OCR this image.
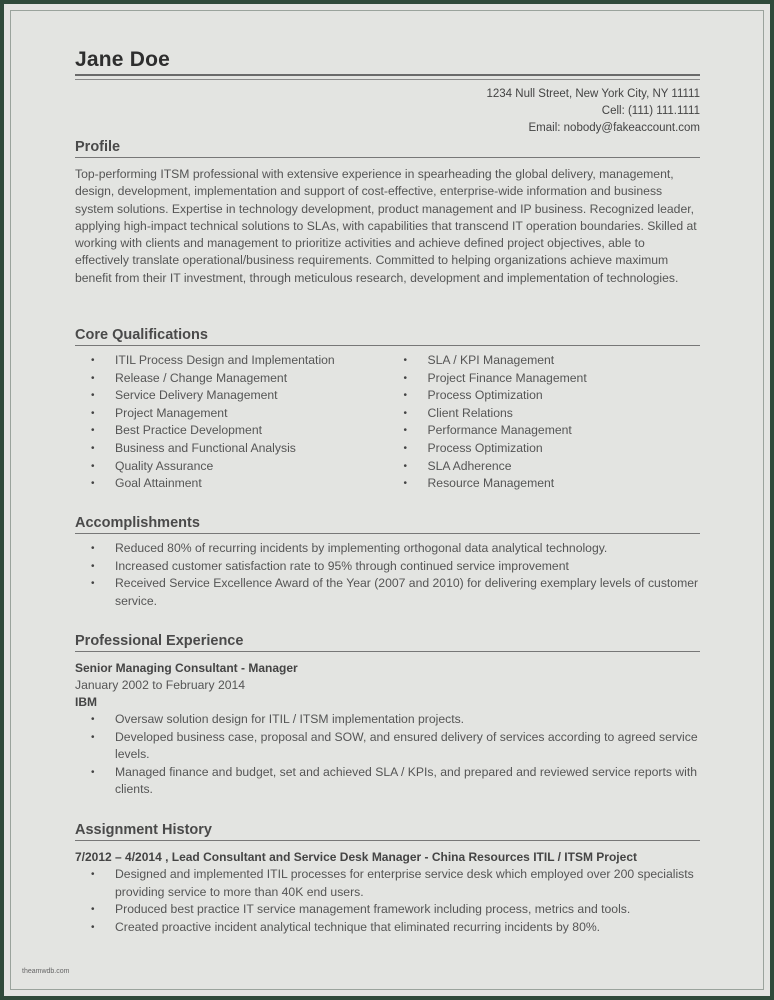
Jane Doe
1234 Null Street, New York City, NY 11111
Cell: (111) 111.1111
Email: nobody@fakeaccount.com
Profile

Top-performing ITSM professional with extensive experience in spearheading the global delivery, management, design, development, implementation and support of cost-effective, enterprise-wide information and business system solutions. Expertise in technology development, product management and IP business. Recognized leader, applying high-impact technical solutions to SLAs, with capabilities that transcend IT operation boundaries. Skilled at working with clients and management to prioritize activities and achieve defined project objectives, able to effectively translate operational/business requirements. Committed to helping organizations achieve maximum benefit from their IT investment, through meticulous research, development and implementation of technologies.

Core Qualifications
• ITIL Process Design and Implementation
• Release / Change Management
• Service Delivery Management
• Project Management
• Best Practice Development
• Business and Functional Analysis
• Quality Assurance
• Goal Attainment
• SLA / KPI Management
• Project Finance Management
• Process Optimization
• Client Relations
• Performance Management
• Process Optimization
• SLA Adherence
• Resource Management
Accomplishments
• Reduced 80% of recurring incidents by implementing orthogonal data analytical technology.
• Increased customer satisfaction rate to 95% through continued service improvement
• Received Service Excellence Award of the Year (2007 and 2010) for delivering exemplary levels of customer service.
Professional Experience
Senior Managing Consultant - Manager
January 2002 to February 2014
IBM
• Oversaw solution design for ITIL / ITSM implementation projects.
• Developed business case, proposal and SOW, and ensured delivery of services according to agreed service levels.
• Managed finance and budget, set and achieved SLA / KPIs, and prepared and reviewed service reports with clients.
Assignment History
7/2012 – 4/2014 , Lead Consultant and Service Desk Manager - China Resources ITIL / ITSM Project
• Designed and implemented ITIL processes for enterprise service desk which employed over 200 specialists providing service to more than 40K end users.
• Produced best practice IT service management framework including process, metrics and tools.
• Created proactive incident analytical technique that eliminated recurring incidents by 80%.
theamwdb.com
